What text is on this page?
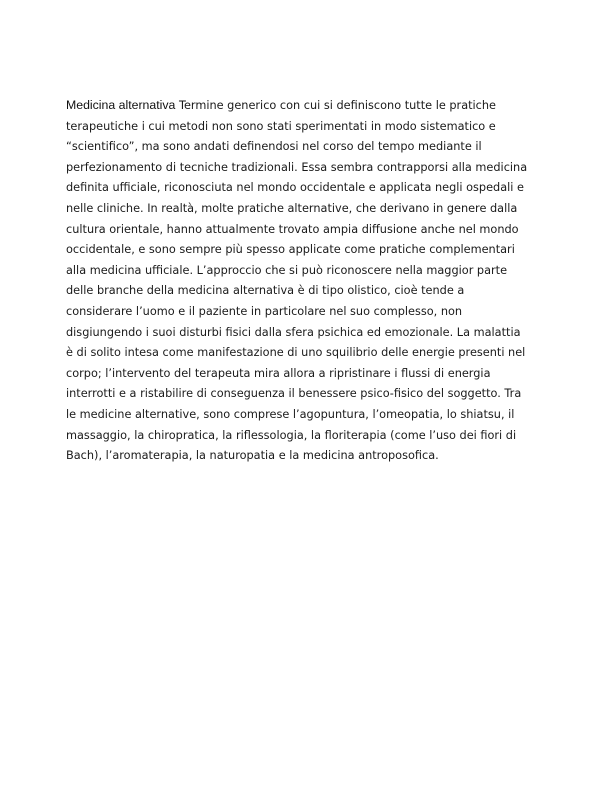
Medicina alternativa Termine generico con cui si definiscono tutte le pratiche
terapeutiche i cui metodi non sono stati sperimentati in modo sistematico e
“scientifico”, ma sono andati definendosi nel corso del tempo mediante il
perfezionamento di tecniche tradizionali. Essa sembra contrapporsi alla medicina
definita ufficiale, riconosciuta nel mondo occidentale e applicata negli ospedali e
nelle cliniche. In realtà, molte pratiche alternative, che derivano in genere dalla
cultura orientale, hanno attualmente trovato ampia diffusione anche nel mondo
occidentale, e sono sempre più spesso applicate come pratiche complementari
alla medicina ufficiale. L’approccio che si può riconoscere nella maggior parte
delle branche della medicina alternativa è di tipo olistico, cioè tende a
considerare l’uomo e il paziente in particolare nel suo complesso, non
disgiungendo i suoi disturbi fisici dalla sfera psichica ed emozionale. La malattia
è di solito intesa come manifestazione di uno squilibrio delle energie presenti nel
corpo; l’intervento del terapeuta mira allora a ripristinare i flussi di energia
interrotti e a ristabilire di conseguenza il benessere psico-fisico del soggetto. Tra
le medicine alternative, sono comprese l’agopuntura, l’omeopatia, lo shiatsu, il
massaggio, la chiropratica, la riflessologia, la floriterapia (come l’uso dei fiori di
Bach), l’aromaterapia, la naturopatia e la medicina antroposofica.
